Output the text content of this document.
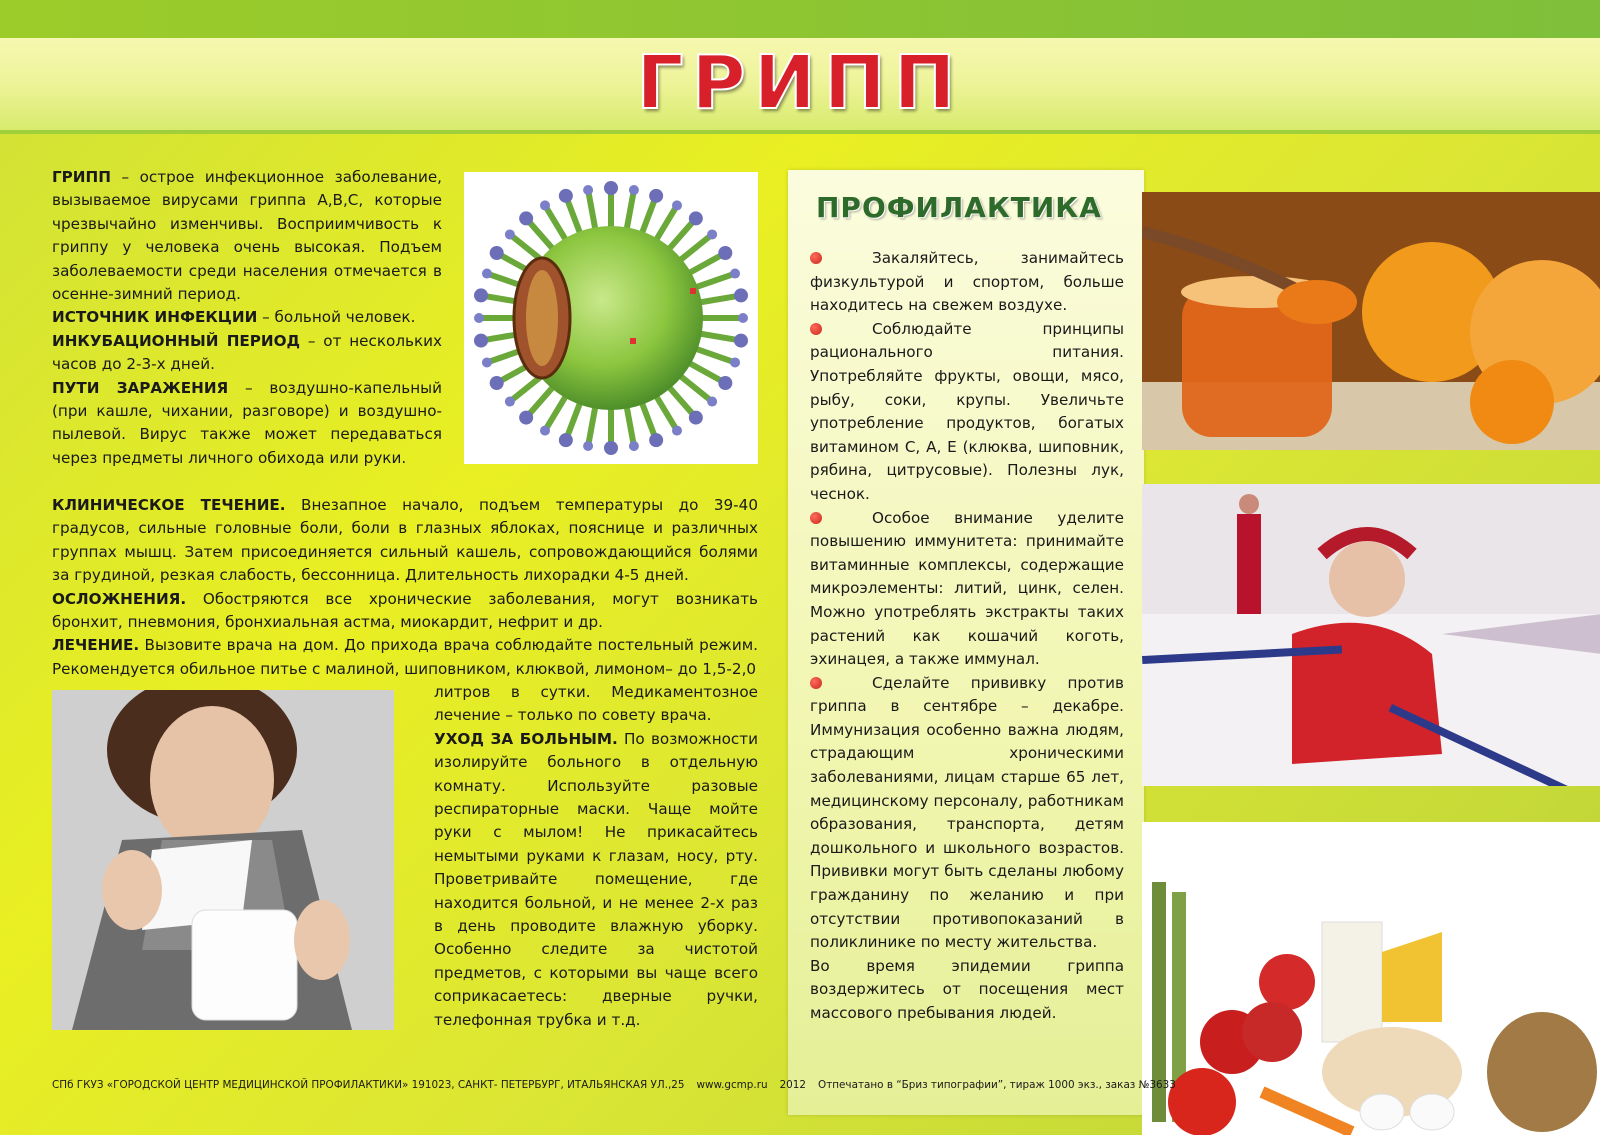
ГРИПП

ГРИПП – острое инфекционное заболевание, вызываемое вирусами гриппа А,В,С, которые чрезвычайно изменчивы. Восприимчивость к гриппу у человека очень высокая. Подъем заболеваемости среди населения отмечается в осенне-зимний период.

ИСТОЧНИК ИНФЕКЦИИ – больной человек.

ИНКУБАЦИОННЫЙ ПЕРИОД – от нескольких часов до 2-3-х дней.

ПУТИ ЗАРАЖЕНИЯ – воздушно-капельный (при кашле, чихании, разговоре) и воздушно-пылевой. Вирус также может передаваться через предметы личного обихода или руки.

КЛИНИЧЕСКОЕ ТЕЧЕНИЕ. Внезапное начало, подъем температуры до 39-40 градусов, сильные головные боли, боли в глазных яблоках, пояснице и различных группах мышц. Затем присоединяется сильный кашель, сопровождающийся болями за грудиной, резкая слабость, бессонница. Длительность лихорадки 4-5 дней.

ОСЛОЖНЕНИЯ. Обостряются все хронические заболевания, могут возникать бронхит, пневмония, бронхиальная астма, миокардит, нефрит и др.

ЛЕЧЕНИЕ. Вызовите врача на дом. До прихода врача соблюдайте постельный режим. Рекомендуется обильное питье с малиной, шиповником, клюквой, лимоном– до 1,5-2,0

литров в сутки. Медикаментозное лечение – только по совету врача.

УХОД ЗА БОЛЬНЫМ. По возможности изолируйте больного в отдельную комнату. Используйте разовые респираторные маски. Чаще мойте руки с мылом! Не прикасайтесь немытыми руками к глазам, носу, рту. Проветривайте помещение, где находится больной, и не менее 2-х раз в день проводите влажную уборку. Особенно следите за чистотой предметов, с которыми вы чаще всего соприкасаетесь: дверные ручки, телефонная трубка и т.д.

ПРОФИЛАКТИКА

Закаляйтесь, занимайтесь физкультурой и спортом, больше находитесь на свежем воздухе.

Соблюдайте принципы рационального питания. Употребляйте фрукты, овощи, мясо, рыбу, соки, крупы. Увеличьте употребление продуктов, богатых витамином С, А, Е (клюква, шиповник, рябина, цитрусовые). Полезны лук, чеснок.

Особое внимание уделите повышению иммунитета: принимайте витаминные комплексы, содержащие микроэлементы: литий, цинк, селен. Можно употреблять экстракты таких растений как кошачий коготь, эхинацея, а также иммунал.

Сделайте прививку против гриппа в сентябре – декабре. Иммунизация особенно важна людям, страдающим хроническими заболеваниями, лицам старше 65 лет, медицинскому персоналу, работникам образования, транспорта, детям дошкольного и школьного возрастов. Прививки могут быть сделаны любому гражданину по желанию и при отсутствии противопоказаний в поликлинике по месту жительства.

Во время эпидемии гриппа воздержитесь от посещения мест массового пребывания людей.

СПб ГКУЗ «ГОРОДСКОЙ ЦЕНТР МЕДИЦИНСКОЙ ПРОФИЛАКТИКИ» 191023, САНКТ- ПЕТЕРБУРГ, ИТАЛЬЯНСКАЯ УЛ.,25 www.gcmp.ru 2012 Отпечатано в “Бриз типографии”, тираж 1000 экз., заказ №3633
